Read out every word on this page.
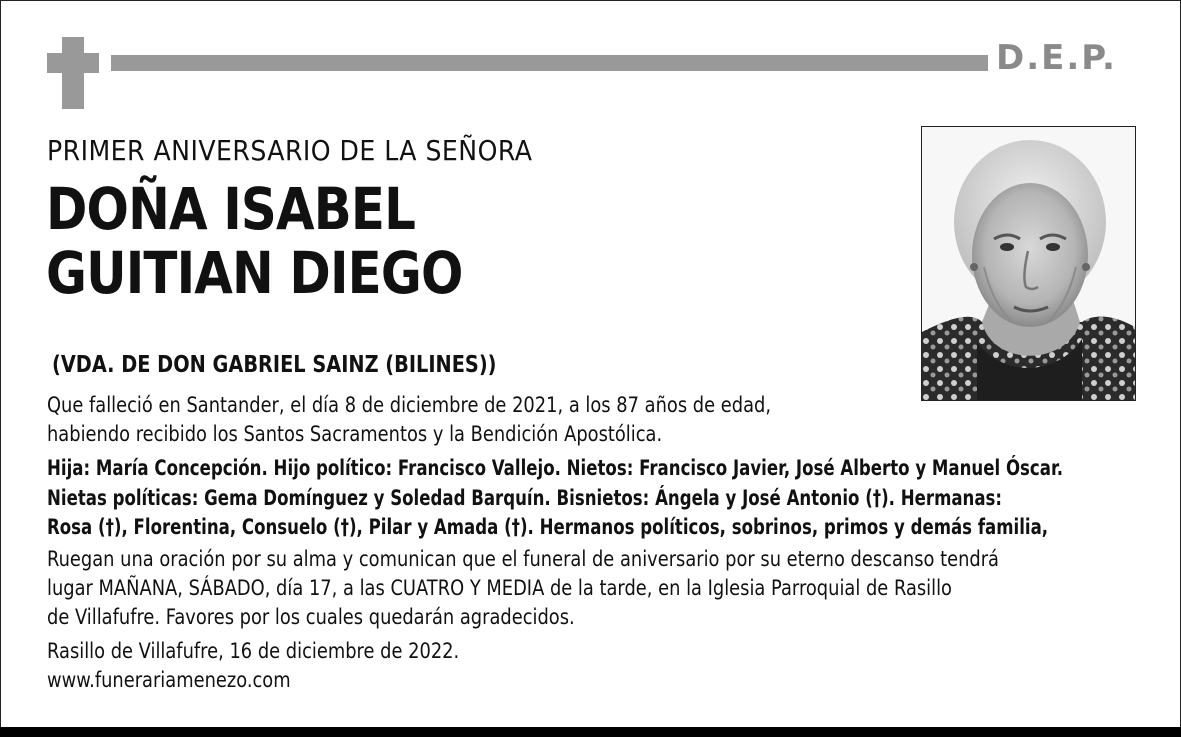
D.E.P.
PRIMER ANIVERSARIO DE LA SEÑORA
DOÑA ISABEL
GUITIAN DIEGO
(VDA. DE DON GABRIEL SAINZ (BILINES))
Que falleció en Santander, el día 8 de diciembre de 2021, a los 87 años de edad,
habiendo recibido los Santos Sacramentos y la Bendición Apostólica.
Hija: María Concepción. Hijo político: Francisco Vallejo. Nietos: Francisco Javier, José Alberto y Manuel Óscar.
Nietas políticas: Gema Domínguez y Soledad Barquín. Bisnietos: Ángela y José Antonio (†). Hermanas:
Rosa (†), Florentina, Consuelo (†), Pilar y Amada (†). Hermanos políticos, sobrinos, primos y demás familia,
Ruegan una oración por su alma y comunican que el funeral de aniversario por su eterno descanso tendrá
lugar MAÑANA, SÁBADO, día 17, a las CUATRO Y MEDIA de la tarde, en la Iglesia Parroquial de Rasillo
de Villafufre. Favores por los cuales quedarán agradecidos.
Rasillo de Villafufre, 16 de diciembre de 2022.
www.funerariamenezo.com
